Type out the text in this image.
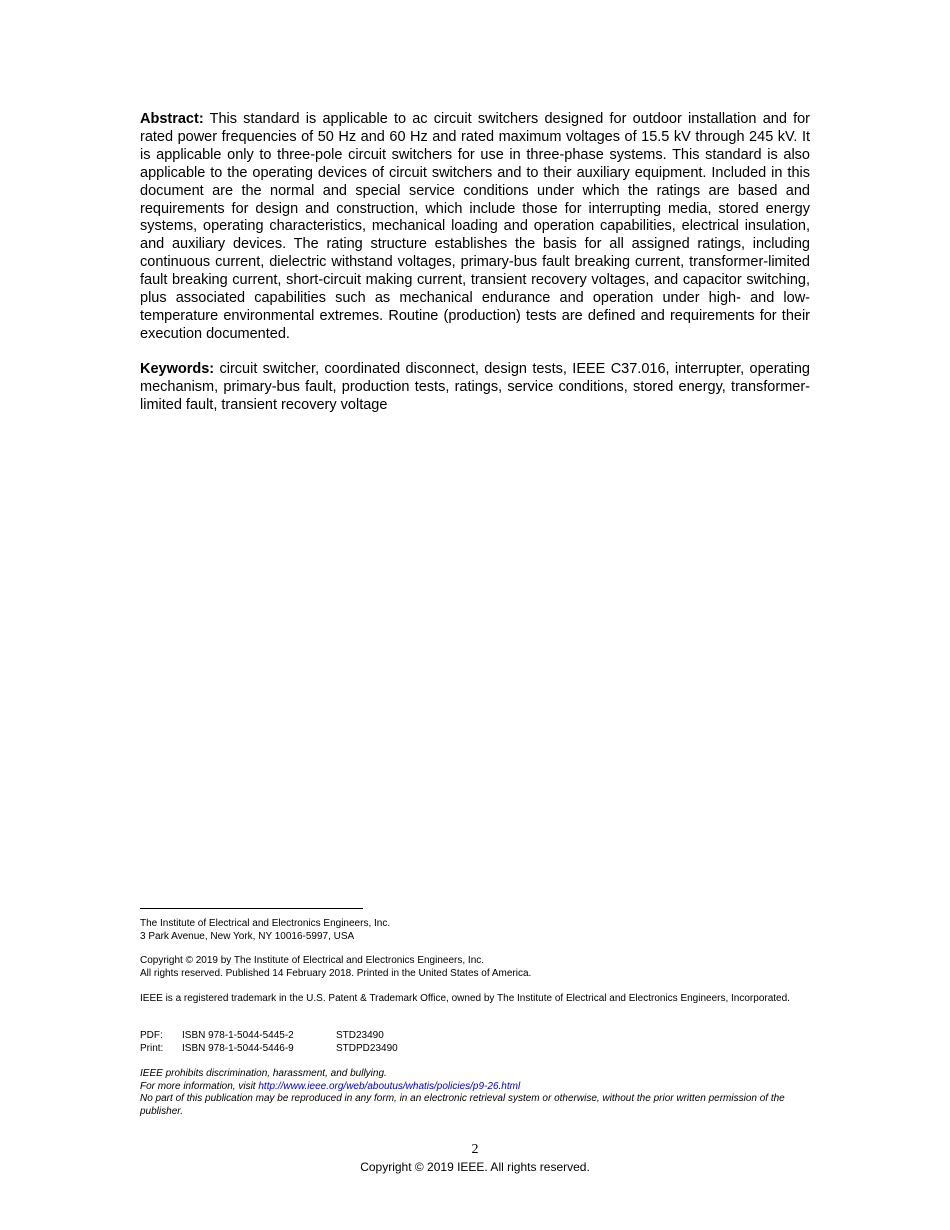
Abstract: This standard is applicable to ac circuit switchers designed for outdoor installation and for rated power frequencies of 50 Hz and 60 Hz and rated maximum voltages of 15.5 kV through 245 kV. It is applicable only to three-pole circuit switchers for use in three-phase systems. This standard is also applicable to the operating devices of circuit switchers and to their auxiliary equipment. Included in this document are the normal and special service conditions under which the ratings are based and requirements for design and construction, which include those for interrupting media, stored energy systems, operating characteristics, mechanical loading and operation capabilities, electrical insulation, and auxiliary devices. The rating structure establishes the basis for all assigned ratings, including continuous current, dielectric withstand voltages, primary-bus fault breaking current, transformer-limited fault breaking current, short-circuit making current, transient recovery voltages, and capacitor switching, plus associated capabilities such as mechanical endurance and operation under high- and low-temperature environmental extremes. Routine (production) tests are defined and requirements for their execution documented.

Keywords: circuit switcher, coordinated disconnect, design tests, IEEE C37.016, interrupter, operating mechanism, primary-bus fault, production tests, ratings, service conditions, stored energy, transformer-limited fault, transient recovery voltage

The Institute of Electrical and Electronics Engineers, Inc.
3 Park Avenue, New York, NY 10016-5997, USA
Copyright © 2019 by The Institute of Electrical and Electronics Engineers, Inc.
All rights reserved. Published 14 February 2018. Printed in the United States of America.
IEEE is a registered trademark in the U.S. Patent & Trademark Office, owned by The Institute of Electrical and Electronics Engineers, Incorporated.
PDF:	ISBN 978-1-5044-5445-2	STD23490
Print:	ISBN 978-1-5044-5446-9	STDPD23490
IEEE prohibits discrimination, harassment, and bullying.
For more information, visit http://www.ieee.org/web/aboutus/whatis/policies/p9-26.html
No part of this publication may be reproduced in any form, in an electronic retrieval system or otherwise, without the prior written permission of the publisher.
2
Copyright © 2019 IEEE. All rights reserved.
